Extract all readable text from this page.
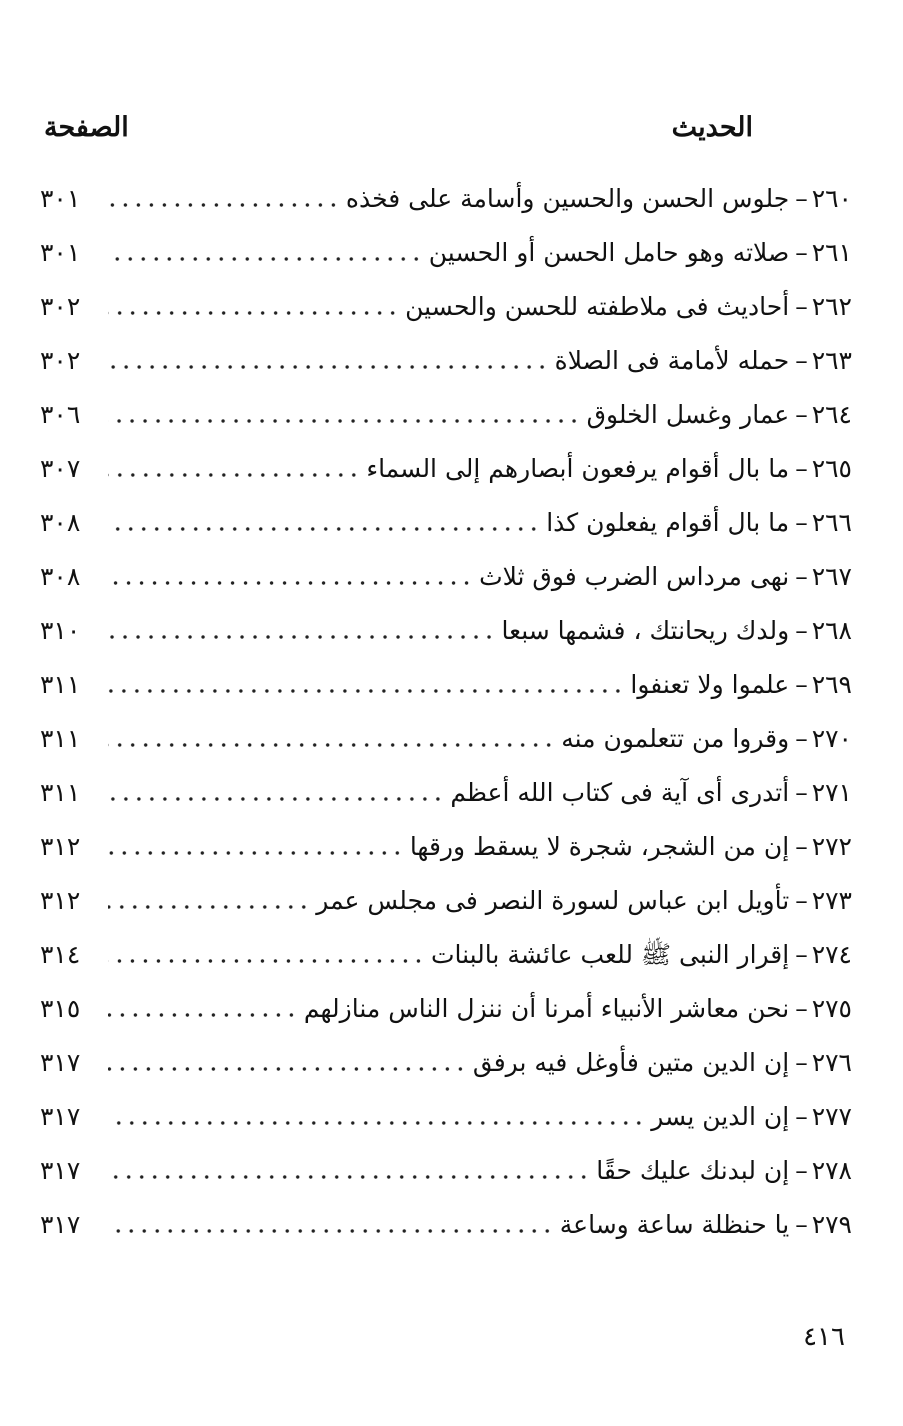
الحديث
الصفحة
٢٦٠
–
جلوس الحسن والحسين وأسامة على فخذه
٣٠١
٢٦١
–
صلاته وهو حامل الحسن أو الحسين
٣٠١
٢٦٢
–
أحاديث فى ملاطفته للحسن والحسين
٣٠٢
٢٦٣
–
حمله لأمامة فى الصلاة
٣٠٢
٢٦٤
–
عمار وغسل الخلوق
٣٠٦
٢٦٥
–
ما بال أقوام يرفعون أبصارهم إلى السماء
٣٠٧
٢٦٦
–
ما بال أقوام يفعلون كذا
٣٠٨
٢٦٧
–
نهى مرداس الضرب فوق ثلاث
٣٠٨
٢٦٨
–
ولدك ريحانتك ، فشمها سبعا
٣١٠
٢٦٩
–
علموا ولا تعنفوا
٣١١
٢٧٠
–
وقروا من تتعلمون منه
٣١١
٢٧١
–
أتدرى أى آية فى كتاب الله أعظم
٣١١
٢٧٢
–
إن من الشجر، شجرة لا يسقط ورقها
٣١٢
٢٧٣
–
تأويل ابن عباس لسورة النصر فى مجلس عمر
٣١٢
٢٧٤
–
إقرار النبى ﷺ للعب عائشة بالبنات
٣١٤
٢٧٥
–
نحن معاشر الأنبياء أمرنا أن ننزل الناس منازلهم
٣١٥
٢٧٦
–
إن الدين متين فأوغل فيه برفق
٣١٧
٢٧٧
–
إن الدين يسر
٣١٧
٢٧٨
–
إن لبدنك عليك حقًا
٣١٧
٢٧٩
–
يا حنظلة ساعة وساعة
٣١٧
٤١٦
